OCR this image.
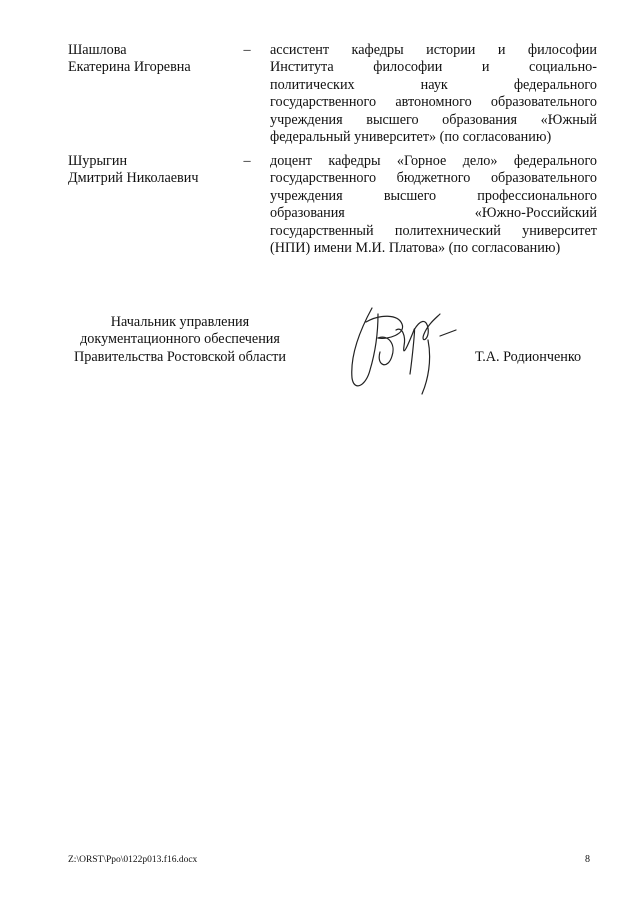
Шашлова
Екатерина Игоревна
– ассистент кафедры истории и философии
Института философии и социально-
политических наук федерального
государственного автономного образовательного
учреждения высшего образования «Южный
федеральный университет» (по согласованию)
Шурыгин
Дмитрий Николаевич
– доцент кафедры «Горное дело» федерального
государственного бюджетного образовательного
учреждения высшего профессионального
образования «Южно-Российский
государственный политехнический университет
(НПИ) имени М.И. Платова» (по согласованию)
Начальник управления
документационного обеспечения
Правительства Ростовской области	Т.А. Родионченко
Z:\ORST\Ppo\0122p013.f16.docx	8
